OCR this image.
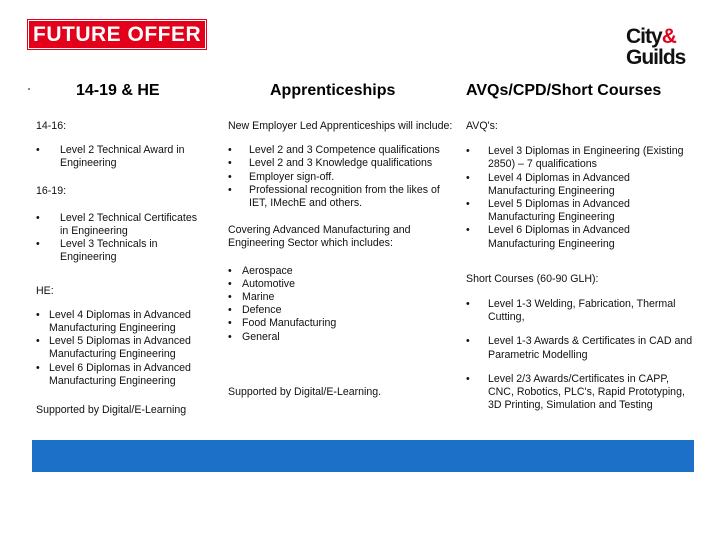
FUTURE OFFER	City&
Guilds
14-19 & HE	Apprenticeships	AVQs/CPD/Short Courses

14-16:

• Level 2 Technical Award in Engineering

16-19:

• Level 2 Technical Certificates in Engineering
• Level 3 Technicals in Engineering

HE:

• Level 4 Diplomas in Advanced Manufacturing Engineering
• Level 5 Diplomas in Advanced Manufacturing Engineering
• Level 6 Diplomas in Advanced Manufacturing Engineering

Supported by Digital/E-Learning

New Employer Led Apprenticeships will include:

• Level 2 and 3 Competence qualifications
• Level 2 and 3 Knowledge qualifications
• Employer sign-off.
• Professional recognition from the likes of IET, IMechE and others.

Covering Advanced Manufacturing and Engineering Sector which includes:

• Aerospace
• Automotive
• Marine
• Defence
• Food Manufacturing
• General

Supported by Digital/E-Learning.

AVQ's:

• Level 3 Diplomas in Engineering (Existing 2850) – 7 qualifications
• Level 4 Diplomas in Advanced Manufacturing Engineering
• Level 5 Diplomas in Advanced Manufacturing Engineering
• Level 6 Diplomas in Advanced Manufacturing Engineering

Short Courses (60-90 GLH):

• Level 1-3 Welding, Fabrication, Thermal Cutting,
• Level 1-3 Awards & Certificates in CAD and Parametric Modelling
• Level 2/3 Awards/Certificates in CAPP, CNC, Robotics, PLC's, Rapid Prototyping, 3D Printing, Simulation and Testing
